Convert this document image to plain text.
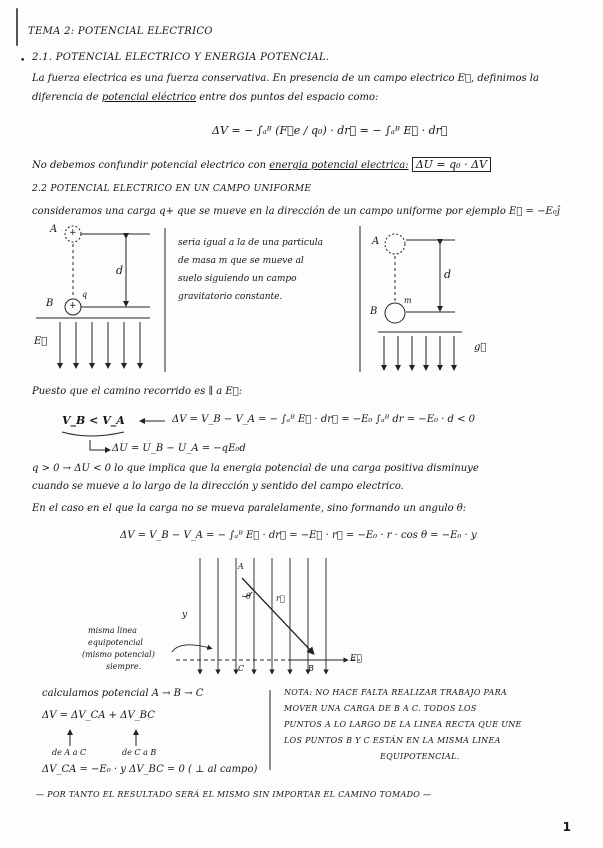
TEMA 2: POTENCIAL ELECTRICO
• 2.1. POTENCIAL ELECTRICO Y ENERGIA POTENCIAL.
La fuerza electrica es una fuerza conservativa. En presencia de un campo electrico E⃗, definimos la
diferencia de potencial eléctrico entre dos puntos del espacio como:
ΔV = − ∫ₐᴮ (F⃗e / q₀) · dr⃗ = − ∫ₐᴮ E⃗ · dr⃗
No debemos confundir potencial electrico con energia potencial electrica: ΔU = q₀ · ΔV
2.2 POTENCIAL ELECTRICO EN UN CAMPO UNIFORME
consideramos una carga q+ que se mueve en la dirección de un campo uniforme por ejemplo E⃗ = −E₀ĵ
A
B
q
d
E⃗
+
+
seria igual a la de una particula
de masa m que se mueve al
suelo siguiendo un campo
gravitatorio constante.
A
B
m
d
g⃗
Puesto que el camino recorrido es ∥ a E⃗:
V_B < V_A	ΔV = V_B − V_A = − ∫ₐᴮ E⃗ · dr⃗ = −E₀ ∫ₐᴮ dr = −E₀ · d < 0
ΔU = U_B − U_A = −qE₀d
q > 0 → ΔU < 0 lo que implica que la energia potencial de una carga positiva disminuye
cuando se mueve a lo largo de la dirección y sentido del campo electrico.
En el caso en el que la carga no se mueva paralelamente, sino formando un angulo θ:
ΔV = V_B − V_A = − ∫ₐᴮ E⃗ · dr⃗ = −E⃗ · r⃗ = −E₀ · r · cos θ = −E₀ · y
A
θ	r⃗
y
C	B
E⃗
misma linea
equipotencial
(mismo potencial)
siempre.
calculamos potencial A → B → C
ΔV = ΔV_CA + ΔV_BC
de A a C	de C a B
ΔV_CA = −E₀ · y ΔV_BC = 0 ( ⊥ al campo)
NOTA: NO HACE FALTA REALIZAR TRABAJO PARA
MOVER UNA CARGA DE B A C. TODOS LOS
PUNTOS A LO LARGO DE LA LINEA RECTA QUE UNE
LOS PUNTOS B Y C ESTÁN EN LA MISMA LINEA
EQUIPOTENCIAL.
— POR TANTO EL RESULTADO SERÁ EL MISMO SIN IMPORTAR EL CAMINO TOMADO —
1
